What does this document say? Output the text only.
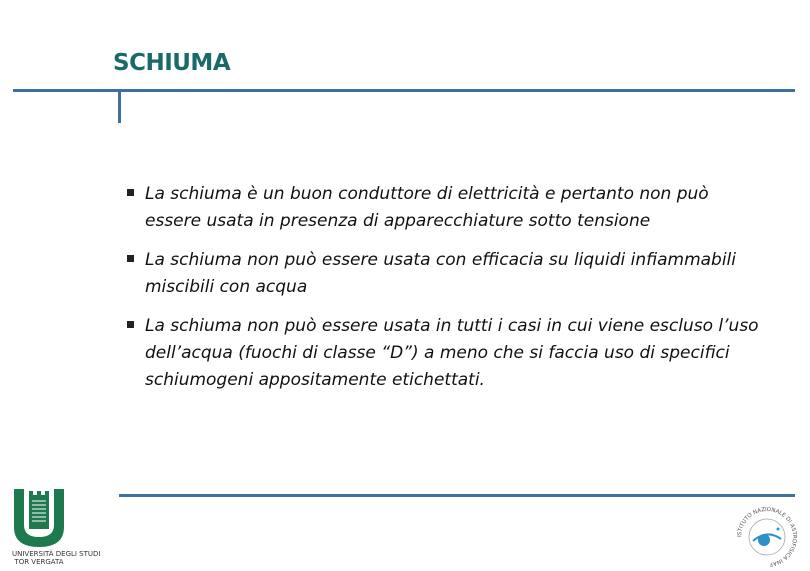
SCHIUMA
La schiuma è un buon conduttore di elettricità e pertanto non può essere usata in presenza di apparecchiature sotto tensione
La schiuma non può essere usata con efficacia su liquidi infiammabili miscibili con acqua
La schiuma non può essere usata in tutti i casi in cui viene escluso l’uso dell’acqua (fuochi di classe “D”) a meno che si faccia uso di specifici schiumogeni appositamente etichettati.
UNIVERSITÀ DEGLI STUDI
TOR VERGATA
ISTITUTO NAZIONALE DI ASTROFISICA INAF
